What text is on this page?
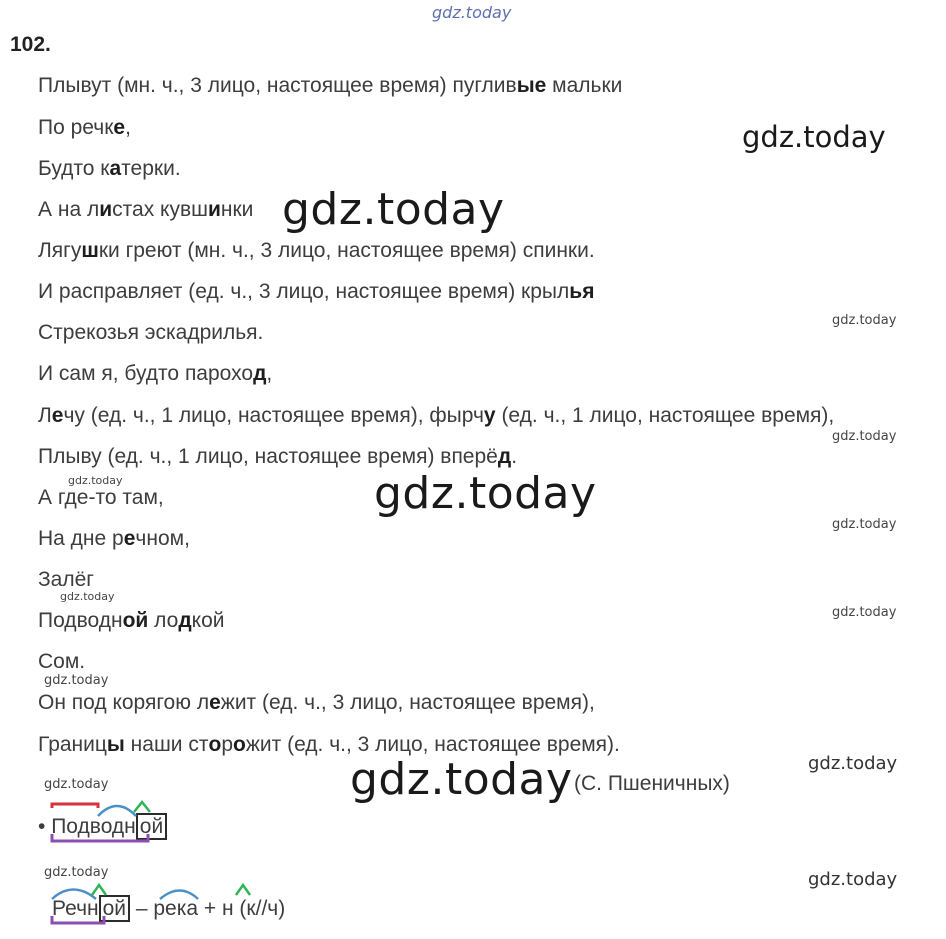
gdz.today
gdz.today
gdz.today
gdz.today
gdz.today
gdz.today	gdz.today
gdz.today
gdz.today
gdz.today
gdz.today
gdz.today
gdz.today
gdz.today
gdz.today	gdz.today
102.
Плывут (мн. ч., 3 лицо, настоящее время) пугливые мальки
По речке,
Будто катерки.
А на листах кувшинки
Лягушки греют (мн. ч., 3 лицо, настоящее время) спинки.
И расправляет (ед. ч., 3 лицо, настоящее время) крылья
Стрекозья эскадрилья.
И сам я, будто пароход,
Лечу (ед. ч., 1 лицо, настоящее время), фырчу (ед. ч., 1 лицо, настоящее время),
Плыву (ед. ч., 1 лицо, настоящее время) вперёд.
А где-то там,
На дне речном,
Залёг
Подводной лодкой
Сом.
Он под корягою лежит (ед. ч., 3 лицо, настоящее время),
Границы наши сторожит (ед. ч., 3 лицо, настоящее время).
(С. Пшеничных)
• Подводн ой
Речн ой – река + н (к//ч)
